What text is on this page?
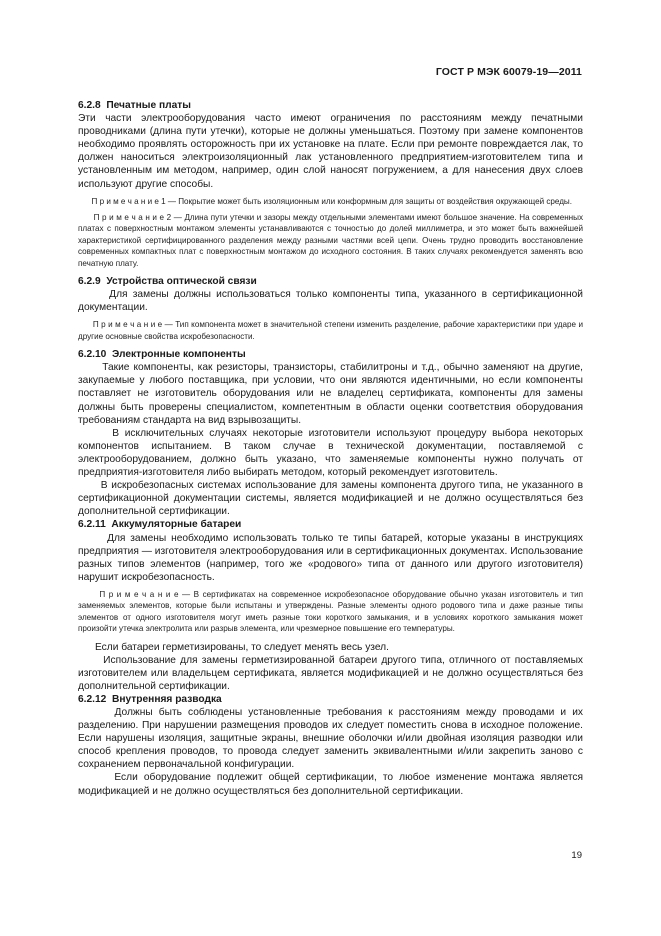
ГОСТ Р МЭК 60079-19—2011
6.2.8  Печатные платы

Эти части электрооборудования часто имеют ограничения по расстояниям между печатными проводниками (длина пути утечки), которые не должны уменьшаться. Поэтому при замене компонентов необходимо проявлять осторожность при их установке на плате. Если при ремонте повреждается лак, то должен наноситься электроизоляционный лак установленного предприятием-изготовителем типа и установленным им методом, например, один слой наносят погружением, а для нанесения двух слоев используют другие способы.

П р и м е ч а н и е 1 — Покрытие может быть изоляционным или конформным для защиты от воздействия окружающей среды.

П р и м е ч а н и е 2 — Длина пути утечки и зазоры между отдельными элементами имеют большое значение. На современных платах с поверхностным монтажом элементы устанавливаются с точностью до долей миллиметра, и это может быть важнейшей характеристикой сертифицированного разделения между разными частями всей цепи. Очень трудно проводить восстановление современных компактных плат с поверхностным монтажом до исходного состояния. В таких случаях рекомендуется заменять всю печатную плату.

6.2.9  Устройства оптической связи

Для замены должны использоваться только компоненты типа, указанного в сертификационной документации.

П р и м е ч а н и е — Тип компонента может в значительной степени изменить разделение, рабочие характеристики при ударе и другие основные свойства искробезопасности.

6.2.10  Электронные компоненты

Такие компоненты, как резисторы, транзисторы, стабилитроны и т.д., обычно заменяют на другие, закупаемые у любого поставщика, при условии, что они являются идентичными, но если компоненты поставляет не изготовитель оборудования или не владелец сертификата, компоненты для замены должны быть проверены специалистом, компетентным в области оценки соответствия оборудования требованиям стандарта на вид взрывозащиты.

В исключительных случаях некоторые изготовители используют процедуру выбора некоторых компонентов испытанием. В таком случае в технической документации, поставляемой с электрооборудованием, должно быть указано, что заменяемые компоненты нужно получать от предприятия-изготовителя либо выбирать методом, который рекомендует изготовитель.

В искробезопасных системах использование для замены компонента другого типа, не указанного в сертификационной документации системы, является модификацией и не должно осуществляться без дополнительной сертификации.

6.2.11  Аккумуляторные батареи

Для замены необходимо использовать только те типы батарей, которые указаны в инструкциях предприятия — изготовителя электрооборудования или в сертификационных документах. Использование разных типов элементов (например, того же «родового» типа от данного или другого изготовителя) нарушит искробезопасность.

П р и м е ч а н и е — В сертификатах на современное искробезопасное оборудование обычно указан изготовитель и тип заменяемых элементов, которые были испытаны и утверждены. Разные элементы одного родового типа и даже разные типы элементов от одного изготовителя могут иметь разные токи короткого замыкания, и в условиях короткого замыкания может произойти утечка электролита или разрыв элемента, или чрезмерное повышение его температуры.

Если батареи герметизированы, то следует менять весь узел.

Использование для замены герметизированной батареи другого типа, отличного от поставляемых изготовителем или владельцем сертификата, является модификацией и не должно осуществляться без дополнительной сертификации.

6.2.12  Внутренняя разводка

Должны быть соблюдены установленные требования к расстояниям между проводами и их разделению. При нарушении размещения проводов их следует поместить снова в исходное положение. Если нарушены изоляция, защитные экраны, внешние оболочки и/или двойная изоляция разводки или способ крепления проводов, то провода следует заменить эквивалентными и/или закрепить заново с сохранением первоначальной конфигурации.

Если оборудование подлежит общей сертификации, то любое изменение монтажа является модификацией и не должно осуществляться без дополнительной сертификации.

19
